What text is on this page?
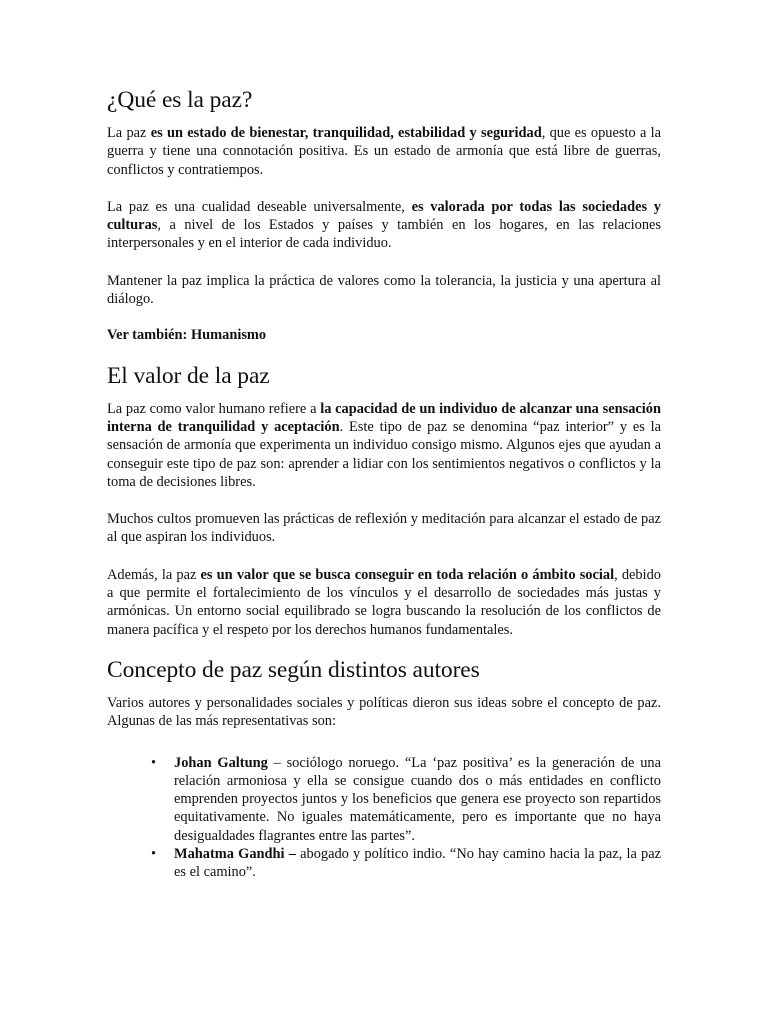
¿Qué es la paz?

La paz es un estado de bienestar, tranquilidad, estabilidad y seguridad, que es opuesto a la guerra y tiene una connotación positiva. Es un estado de armonía que está libre de guerras, conflictos y contratiempos.

La paz es una cualidad deseable universalmente, es valorada por todas las sociedades y culturas, a nivel de los Estados y países y también en los hogares, en las relaciones interpersonales y en el interior de cada individuo.

Mantener la paz implica la práctica de valores como la tolerancia, la justicia y una apertura al diálogo.

Ver también: Humanismo

El valor de la paz

La paz como valor humano refiere a la capacidad de un individuo de alcanzar una sensación interna de tranquilidad y aceptación. Este tipo de paz se denomina “paz interior” y es la sensación de armonía que experimenta un individuo consigo mismo. Algunos ejes que ayudan a conseguir este tipo de paz son: aprender a lidiar con los sentimientos negativos o conflictos y la toma de decisiones libres.

Muchos cultos promueven las prácticas de reflexión y meditación para alcanzar el estado de paz al que aspiran los individuos.

Además, la paz es un valor que se busca conseguir en toda relación o ámbito social, debido a que permite el fortalecimiento de los vínculos y el desarrollo de sociedades más justas y armónicas. Un entorno social equilibrado se logra buscando la resolución de los conflictos de manera pacífica y el respeto por los derechos humanos fundamentales.

Concepto de paz según distintos autores

Varios autores y personalidades sociales y políticas dieron sus ideas sobre el concepto de paz. Algunas de las más representativas son:

• Johan Galtung – sociólogo noruego. “La ‘paz positiva’ es la generación de una relación armoniosa y ella se consigue cuando dos o más entidades en conflicto emprenden proyectos juntos y los beneficios que genera ese proyecto son repartidos equitativamente. No iguales matemáticamente, pero es importante que no haya desigualdades flagrantes entre las partes”.
• Mahatma Gandhi – abogado y político indio. “No hay camino hacia la paz, la paz es el camino”.
